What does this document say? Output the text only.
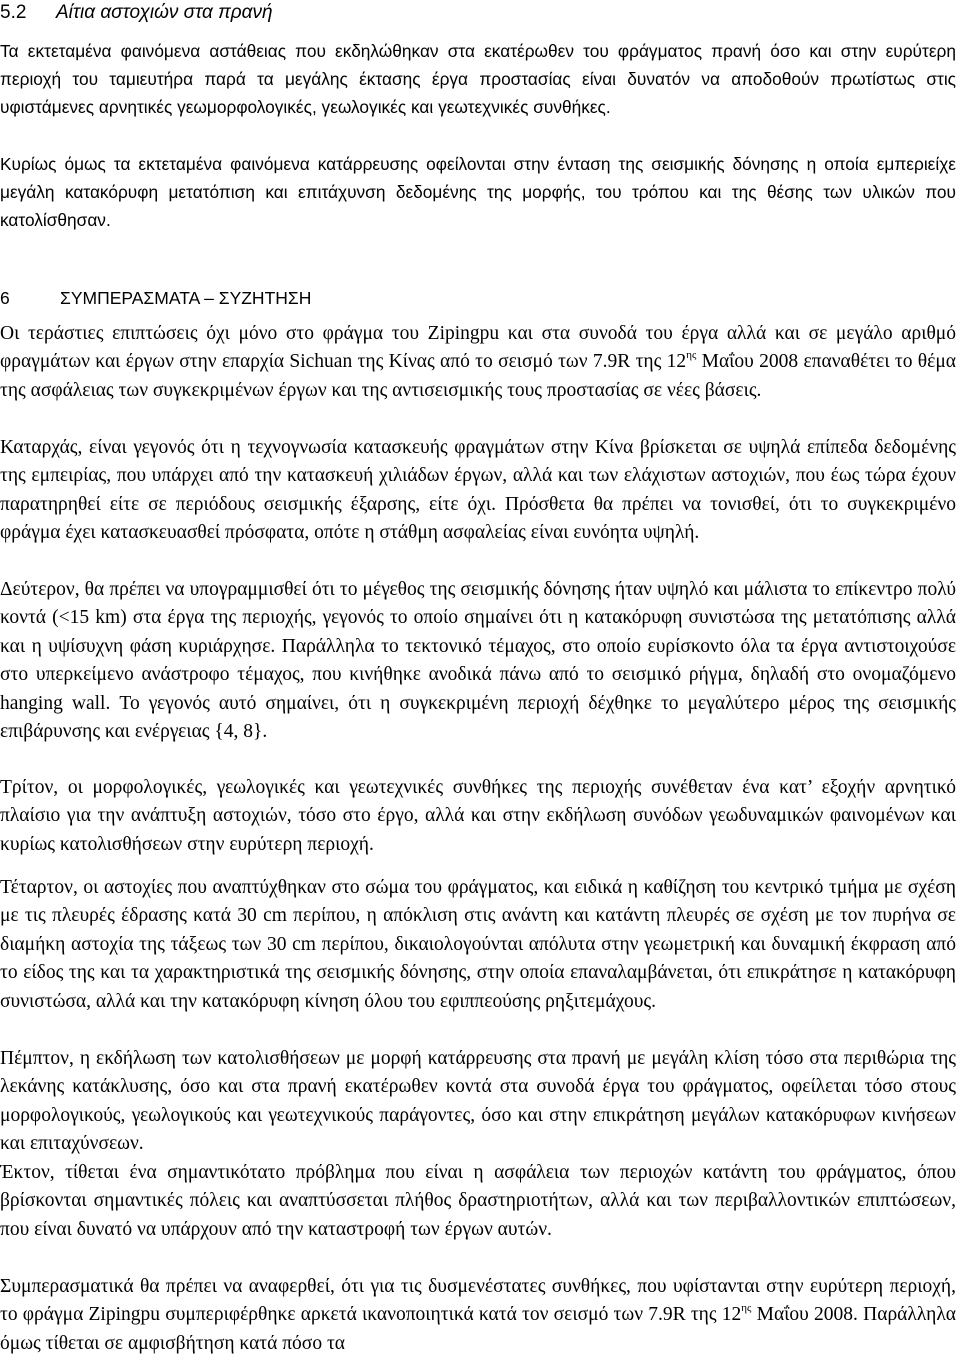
5.2 Αίτια αστοχιών στα πρανή

Τα εκτεταμένα φαινόμενα αστάθειας που εκδηλώθηκαν στα εκατέρωθεν του φράγματος πρανή όσο και στην ευρύτερη περιοχή του ταμιευτήρα παρά τα μεγάλης έκτασης έργα προστασίας είναι δυνατόν να αποδοθούν πρωτίστως στις υφιστάμενες αρνητικές γεωμορφολογικές, γεωλογικές και γεωτεχνικές συνθήκες.

Κυρίως όμως τα εκτεταμένα φαινόμενα κατάρρευσης οφείλονται στην ένταση της σεισμικής δόνησης η οποία εμπεριείχε μεγάλη κατακόρυφη μετατόπιση και επιτάχυνση δεδομένης της μορφής, του τρόπου και της θέσης των υλικών που κατολίσθησαν.

6	ΣΥΜΠΕΡΑΣΜΑΤΑ – ΣΥΖΗΤΗΣΗ

Οι τεράστιες επιπτώσεις όχι μόνο στο φράγμα του Zipingpu και στα συνοδά του έργα αλλά και σε μεγάλο αριθμό φραγμάτων και έργων στην επαρχία Sichuan της Κίνας από το σεισμό των 7.9R της $12^{\eta\varsigma}$ Μαΐου 2008 επαναθέτει το θέμα της ασφάλειας των συγκεκριμένων έργων και της αντισεισμικής τους προστασίας σε νέες βάσεις.

Καταρχάς, είναι γεγονός ότι η τεχνογνωσία κατασκευής φραγμάτων στην Κίνα βρίσκεται σε υψηλά επίπεδα δεδομένης της εμπειρίας, που υπάρχει από την κατασκευή χιλιάδων έργων, αλλά και των ελάχιστων αστοχιών, που έως τώρα έχουν παρατηρηθεί είτε σε περιόδους σεισμικής έξαρσης, είτε όχι. Πρόσθετα θα πρέπει να τονισθεί, ότι το συγκεκριμένο φράγμα έχει κατασκευασθεί πρόσφατα, οπότε η στάθμη ασφαλείας είναι ευνόητα υψηλή.

Δεύτερον, θα πρέπει να υπογραμμισθεί ότι το μέγεθος της σεισμικής δόνησης ήταν υψηλό και μάλιστα το επίκεντρο πολύ κοντά (<15 km) στα έργα της περιοχής, γεγονός το οποίο σημαίνει ότι η κατακόρυφη συνιστώσα της μετατόπισης αλλά και η υψίσυχνη φάση κυριάρχησε. Παράλληλα το τεκτονικό τέμαχος, στο οποίο ευρίσκονto όλα τα έργα αντιστοιχούσε στο υπερκείμενο ανάστροφο τέμαχος, που κινήθηκε ανοδικά πάνω από το σεισμικό ρήγμα, δηλαδή στο ονομαζόμενο hanging wall. Το γεγονός αυτό σημαίνει, ότι η συγκεκριμένη περιοχή δέχθηκε το μεγαλύτερο μέρος της σεισμικής επιβάρυνσης και ενέργειας {4, 8}.

Τρίτον, οι μορφολογικές, γεωλογικές και γεωτεχνικές συνθήκες της περιοχής συνέθεταν ένα κατ’ εξοχήν αρνητικό πλαίσιο για την ανάπτυξη αστοχιών, τόσο στο έργο, αλλά και στην εκδήλωση συνόδων γεωδυναμικών φαινομένων και κυρίως κατολισθήσεων στην ευρύτερη περιοχή.

Τέταρτον, οι αστοχίες που αναπτύχθηκαν στο σώμα του φράγματος, και ειδικά η καθίζηση του κεντρικό τμήμα με σχέση με τις πλευρές έδρασης κατά 30 cm περίπου, η απόκλιση στις ανάντη και κατάντη πλευρές σε σχέση με τον πυρήνα σε διαμήκη αστοχία της τάξεως των 30 cm περίπου, δικαιολογούνται απόλυτα στην γεωμετρική και δυναμική έκφραση από το είδος της και τα χαρακτηριστικά της σεισμικής δόνησης, στην οποία επαναλαμβάνεται, ότι επικράτησε η κατακόρυφη συνιστώσα, αλλά και την κατακόρυφη κίνηση όλου του εφιππεούσης ρηξιτεμάχους.

Πέμπτον, η εκδήλωση των κατολισθήσεων με μορφή κατάρρευσης στα πρανή με μεγάλη κλίση τόσο στα περιθώρια της λεκάνης κατάκλυσης, όσο και στα πρανή εκατέρωθεν κοντά στα συνοδά έργα του φράγματος, οφείλεται τόσο στους μορφολογικούς, γεωλογικούς και γεωτεχνικούς παράγοντες, όσο και στην επικράτηση μεγάλων κατακόρυφων κινήσεων και επιταχύνσεων.

Έκτον, τίθεται ένα σημαντικότατο πρόβλημα που είναι η ασφάλεια των περιοχών κατάντη του φράγματος, όπου βρίσκονται σημαντικές πόλεις και αναπτύσσεται πλήθος δραστηριοτήτων, αλλά και των περιβαλλοντικών επιπτώσεων, που είναι δυνατό να υπάρχουν από την καταστροφή των έργων αυτών.

Συμπερασματικά θα πρέπει να αναφερθεί, ότι για τις δυσμενέστατες συνθήκες, που υφίστανται στην ευρύτερη περιοχή, το φράγμα Zipingpu συμπεριφέρθηκε αρκετά ικανοποιητικά κατά τον σεισμό των 7.9R της $12^{\eta\varsigma}$ Μαΐου 2008. Παράλληλα όμως τίθεται σε αμφισβήτηση κατά πόσο τα
